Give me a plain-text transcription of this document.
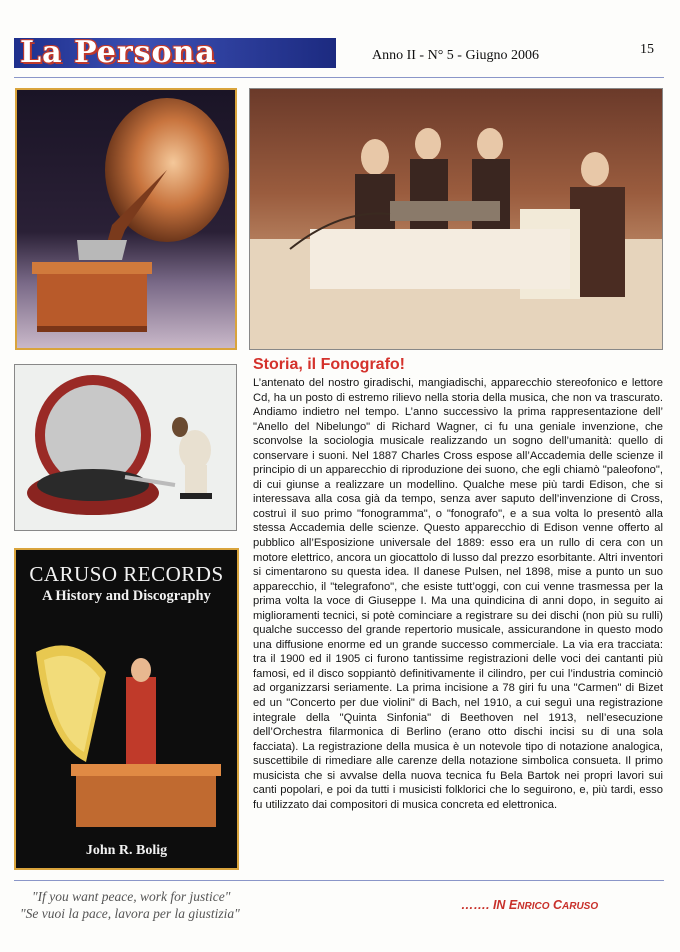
La Persona	Anno II - N° 5 - Giugno 2006	15
CARUSO RECORDS
A History and Discography
John R. Bolig
Storia, il Fonografo!

L’antenato del nostro giradischi, mangiadischi, apparecchio stereofonico e lettore Cd, ha un posto di estremo rilievo nella storia della musica, che non va trascurato. Andiamo indietro nel tempo. L’anno successivo la prima rappresentazione dell’ "Anello del Nibelungo" di Richard Wagner, ci fu una geniale invenzione, che sconvolse la sociologia musicale realizzando un sogno dell’umanità: quello di conservare i suoni. Nel 1887 Charles Cross espose all’Accademia delle scienze il principio di un apparecchio di riproduzione dei suono, che egli chiamò "paleofono", di cui giunse a realizzare un modellino. Qualche mese più tardi Edison, che si interessava alla cosa già da tempo, senza aver saputo dell’invenzione di Cross, costruì il suo primo "fonogramma", o "fonografo", e a sua volta lo presentò alla stessa Accademia delle scienze. Questo apparecchio di Edison venne offerto al pubblico all’Esposizione universale del 1889: esso era un rullo di cera con un motore elettrico, ancora un giocattolo di lusso dal prezzo esorbitante. Altri inventori si cimentarono su questa idea. Il danese Pulsen, nel 1898, mise a punto un suo apparecchio, il "telegrafono", che esiste tutt’oggi, con cui venne trasmessa per la prima volta la voce di Giuseppe I. Ma una quindicina di anni dopo, in seguito ai miglioramenti tecnici, si potè cominciare a registrare su dei dischi (non più su rulli) qualche successo del grande repertorio musicale, assicurandone in questo modo una diffusione enorme ed un grande successo commerciale. La via era tracciata: tra il 1900 ed il 1905 ci furono tantissime registrazioni delle voci dei cantanti più famosi, ed il disco soppiantò definitivamente il cilindro, per cui l’industria cominciò ad organizzarsi seriamente. La prima incisione a 78 giri fu una "Carmen" di Bizet ed un "Concerto per due violini" di Bach, nel 1910, a cui seguì una registrazione integrale della "Quinta Sinfonia" di Beethoven nel 1913, nell’esecuzione dell’Orchestra filarmonica di Berlino (erano otto dischi incisi su di una sola facciata). La registrazione della musica è un notevole tipo di notazione analogica, suscettibile di rimediare alle carenze della notazione simbolica consueta. Il primo musicista che si avvalse della nuova tecnica fu Bela Bartok nei propri lavori sui canti popolari, e poi da tutti i musicisti folklorici che lo seguirono, e, più tardi, esso fu utilizzato dai compositori di musica concreta ed elettronica.

"If you want peace, work for justice"
"Se vuoi la pace, lavora per la giustizia"
……. IN ENRICO CARUSO
